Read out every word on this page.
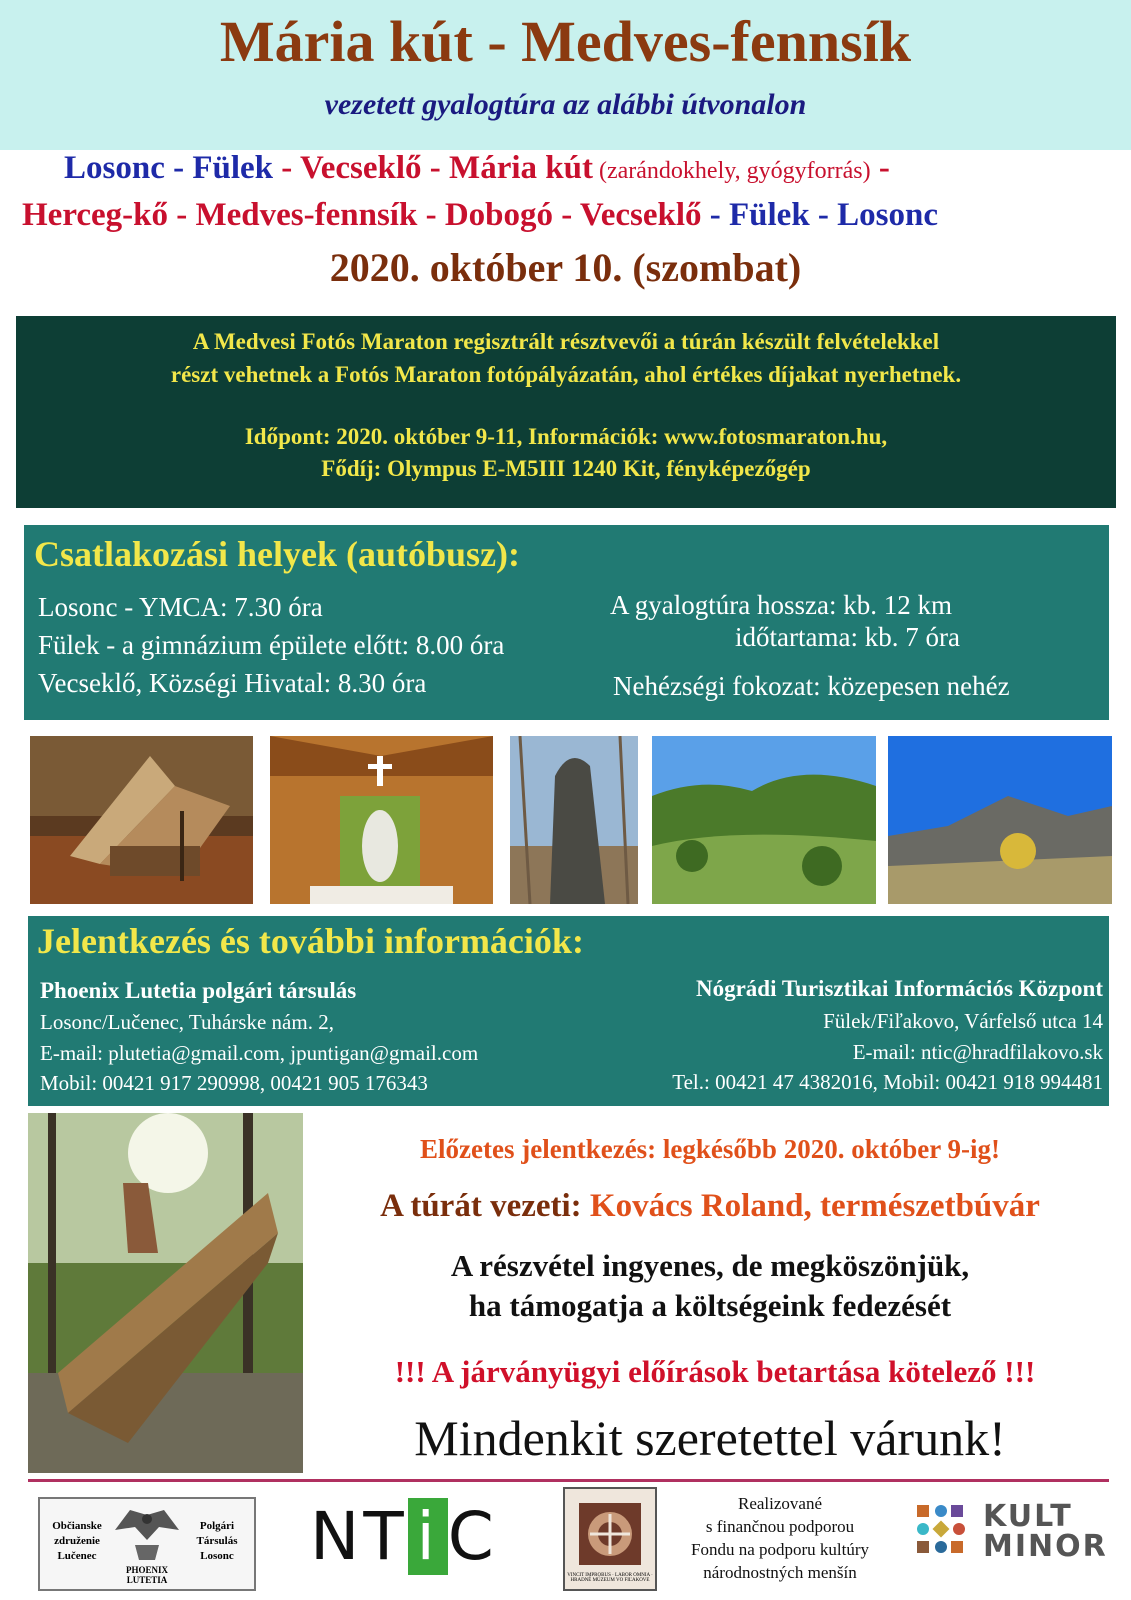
Mária kút - Medves-fennsík
vezetett gyalogtúra az alábbi útvonalon
Losonc - Fülek - Vecseklő - Mária kút (zarándokhely, gyógyforrás) -
Herceg-kő - Medves-fennsík - Dobogó - Vecseklő - Fülek - Losonc
2020. október 10. (szombat)
A Medvesi Fotós Maraton regisztrált résztvevői a túrán készült felvételekkel
részt vehetnek a Fotós Maraton fotópályázatán, ahol értékes díjakat nyerhetnek.
Időpont: 2020. október 9-11, Információk: www.fotosmaraton.hu,
Fődíj: Olympus E-M5III 1240 Kit, fényképezőgép
Csatlakozási helyek (autóbusz):
Losonc - YMCA: 7.30 óra
Fülek - a gimnázium épülete előtt: 8.00 óra
Vecseklő, Községi Hivatal: 8.30 óra
A gyalogtúra hossza: kb. 12 km
időtartama: kb. 7 óra
Nehézségi fokozat: közepesen nehéz
Jelentkezés és további információk:
Phoenix Lutetia polgári társulás
Losonc/Lučenec, Tuhárske nám. 2,
E-mail: plutetia@gmail.com, jpuntigan@gmail.com
Mobil: 00421 917 290998, 00421 905 176343
Nógrádi Turisztikai Információs Központ
Fülek/Fiľakovo, Várfelső utca 14
E-mail: ntic@hradfilakovo.sk
Tel.: 00421 47 4382016, Mobil: 00421 918 994481
Előzetes jelentkezés: legkésőbb 2020. október 9-ig!
A túrát vezeti: Kovács Roland, természetbúvár
A részvétel ingyenes, de megköszönjük,
ha támogatja a költségeink fedezését
!!! A járványügyi előírások betartása kötelező !!!
Mindenkit szeretettel várunk!
Občianske
združenie
Lučenec
Polgári
Társulás
Losonc
PHOENIX LUTETIA
NT i C
VINCIT IMPROBUS · LABOR OMNIA · HRADNÉ MÚZEUM VO FIĽAKOVE
Realizované
s finančnou podporou
Fondu na podporu kultúry
národnostných menšín
KULT
MINOR
